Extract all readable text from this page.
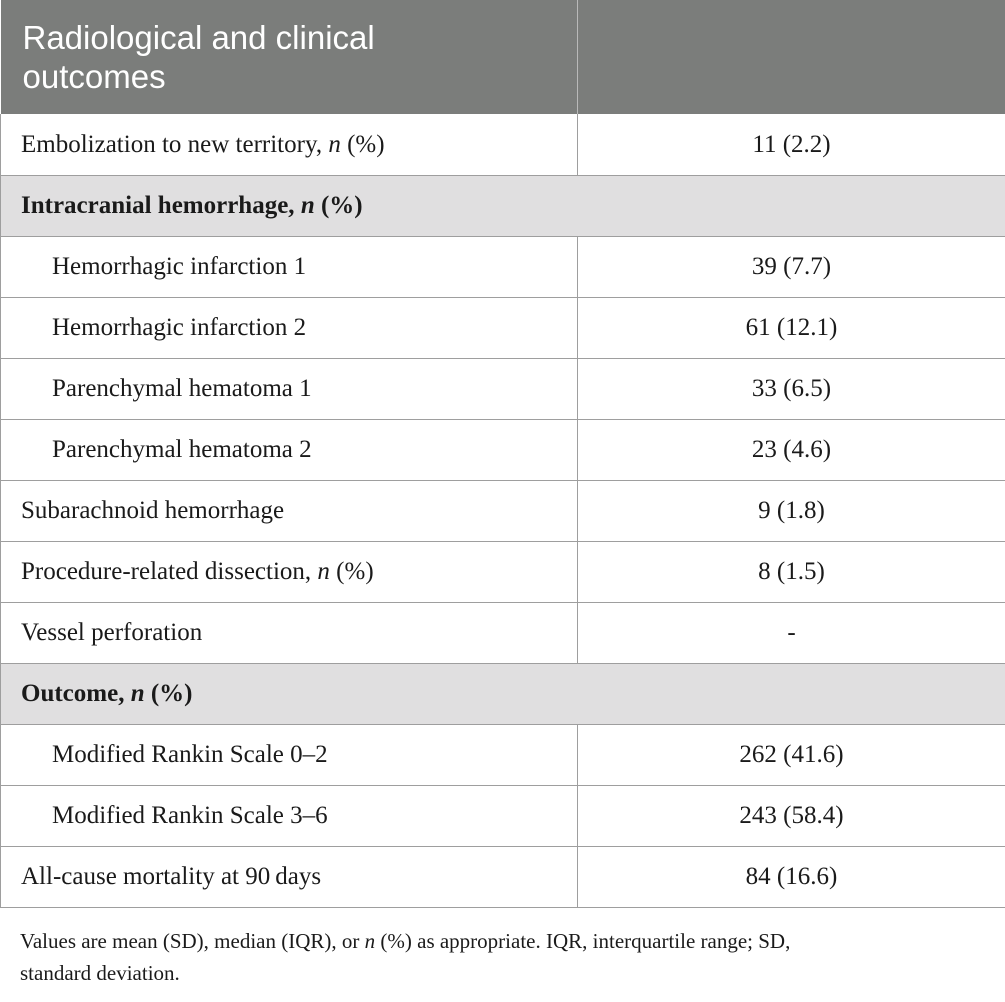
Radiological and clinical
outcomes	
Embolization to new territory, n (%)	11 (2.2)
Intracranial hemorrhage, n (%)	
Hemorrhagic infarction 1	39 (7.7)
Hemorrhagic infarction 2	61 (12.1)
Parenchymal hematoma 1	33 (6.5)
Parenchymal hematoma 2	23 (4.6)
Subarachnoid hemorrhage	9 (1.8)
Procedure-related dissection, n (%)	8 (1.5)
Vessel perforation	-
Outcome, n (%)	
Modified Rankin Scale 0–2	262 (41.6)
Modified Rankin Scale 3–6	243 (58.4)
All-cause mortality at 90 days	84 (16.6)

Values are mean (SD), median (IQR), or n (%) as appropriate. IQR, interquartile range; SD,
standard deviation.
